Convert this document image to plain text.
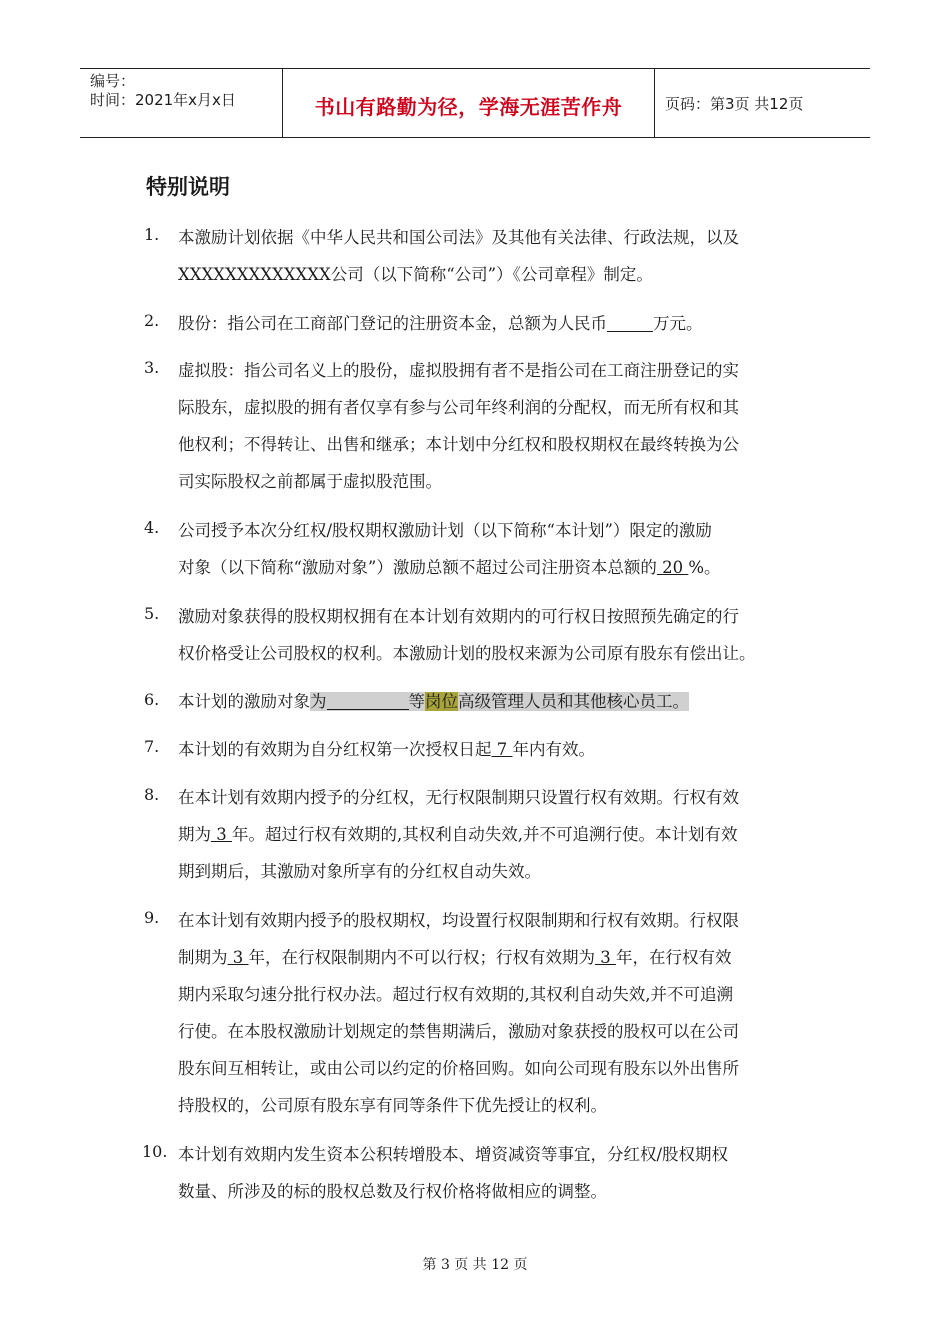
编号：
时间：2021年x月x日	书山有路勤为径，学海无涯苦作舟	页码：第3页 共12页
特别说明
1. 本激励计划依据《中华人民共和国公司法》及其他有关法律、行政法规，以及
XXXXXXXXXXXXX公司（以下简称“公司”）《公司章程》制定。
2. 股份：指公司在工商部门登记的注册资本金，总额为人民币	万元。
3. 虚拟股：指公司名义上的股份，虚拟股拥有者不是指公司在工商注册登记的实
际股东，虚拟股的拥有者仅享有参与公司年终利润的分配权，而无所有权和其
他权利；不得转让、出售和继承；本计划中分红权和股权期权在最终转换为公
司实际股权之前都属于虚拟股范围。
4. 公司授予本次分红权/股权期权激励计划（以下简称“本计划”）限定的激励
对象（以下简称“激励对象”）激励总额不超过公司注册资本总额的 20 %。
5. 激励对象获得的股权期权拥有在本计划有效期内的可行权日按照预先确定的行
权价格受让公司股权的权利。本激励计划的股权来源为公司原有股东有偿出让。
6. 本计划的激励对象为	等岗位高级管理人员和其他核心员工。
7. 本计划的有效期为自分红权第一次授权日起 7 年内有效。
8. 在本计划有效期内授予的分红权，无行权限制期只设置行权有效期。行权有效
期为 3 年。超过行权有效期的,其权利自动失效,并不可追溯行使。本计划有效
期到期后，其激励对象所享有的分红权自动失效。
9. 在本计划有效期内授予的股权期权，均设置行权限制期和行权有效期。行权限
制期为 3 年，在行权限制期内不可以行权；行权有效期为 3 年，在行权有效
期内采取匀速分批行权办法。超过行权有效期的,其权利自动失效,并不可追溯
行使。在本股权激励计划规定的禁售期满后，激励对象获授的股权可以在公司
股东间互相转让，或由公司以约定的价格回购。如向公司现有股东以外出售所
持股权的，公司原有股东享有同等条件下优先授让的权利。
10. 本计划有效期内发生资本公积转增股本、增资减资等事宜，分红权/股权期权
数量、所涉及的标的股权总数及行权价格将做相应的调整。
第 3 页 共 12 页
